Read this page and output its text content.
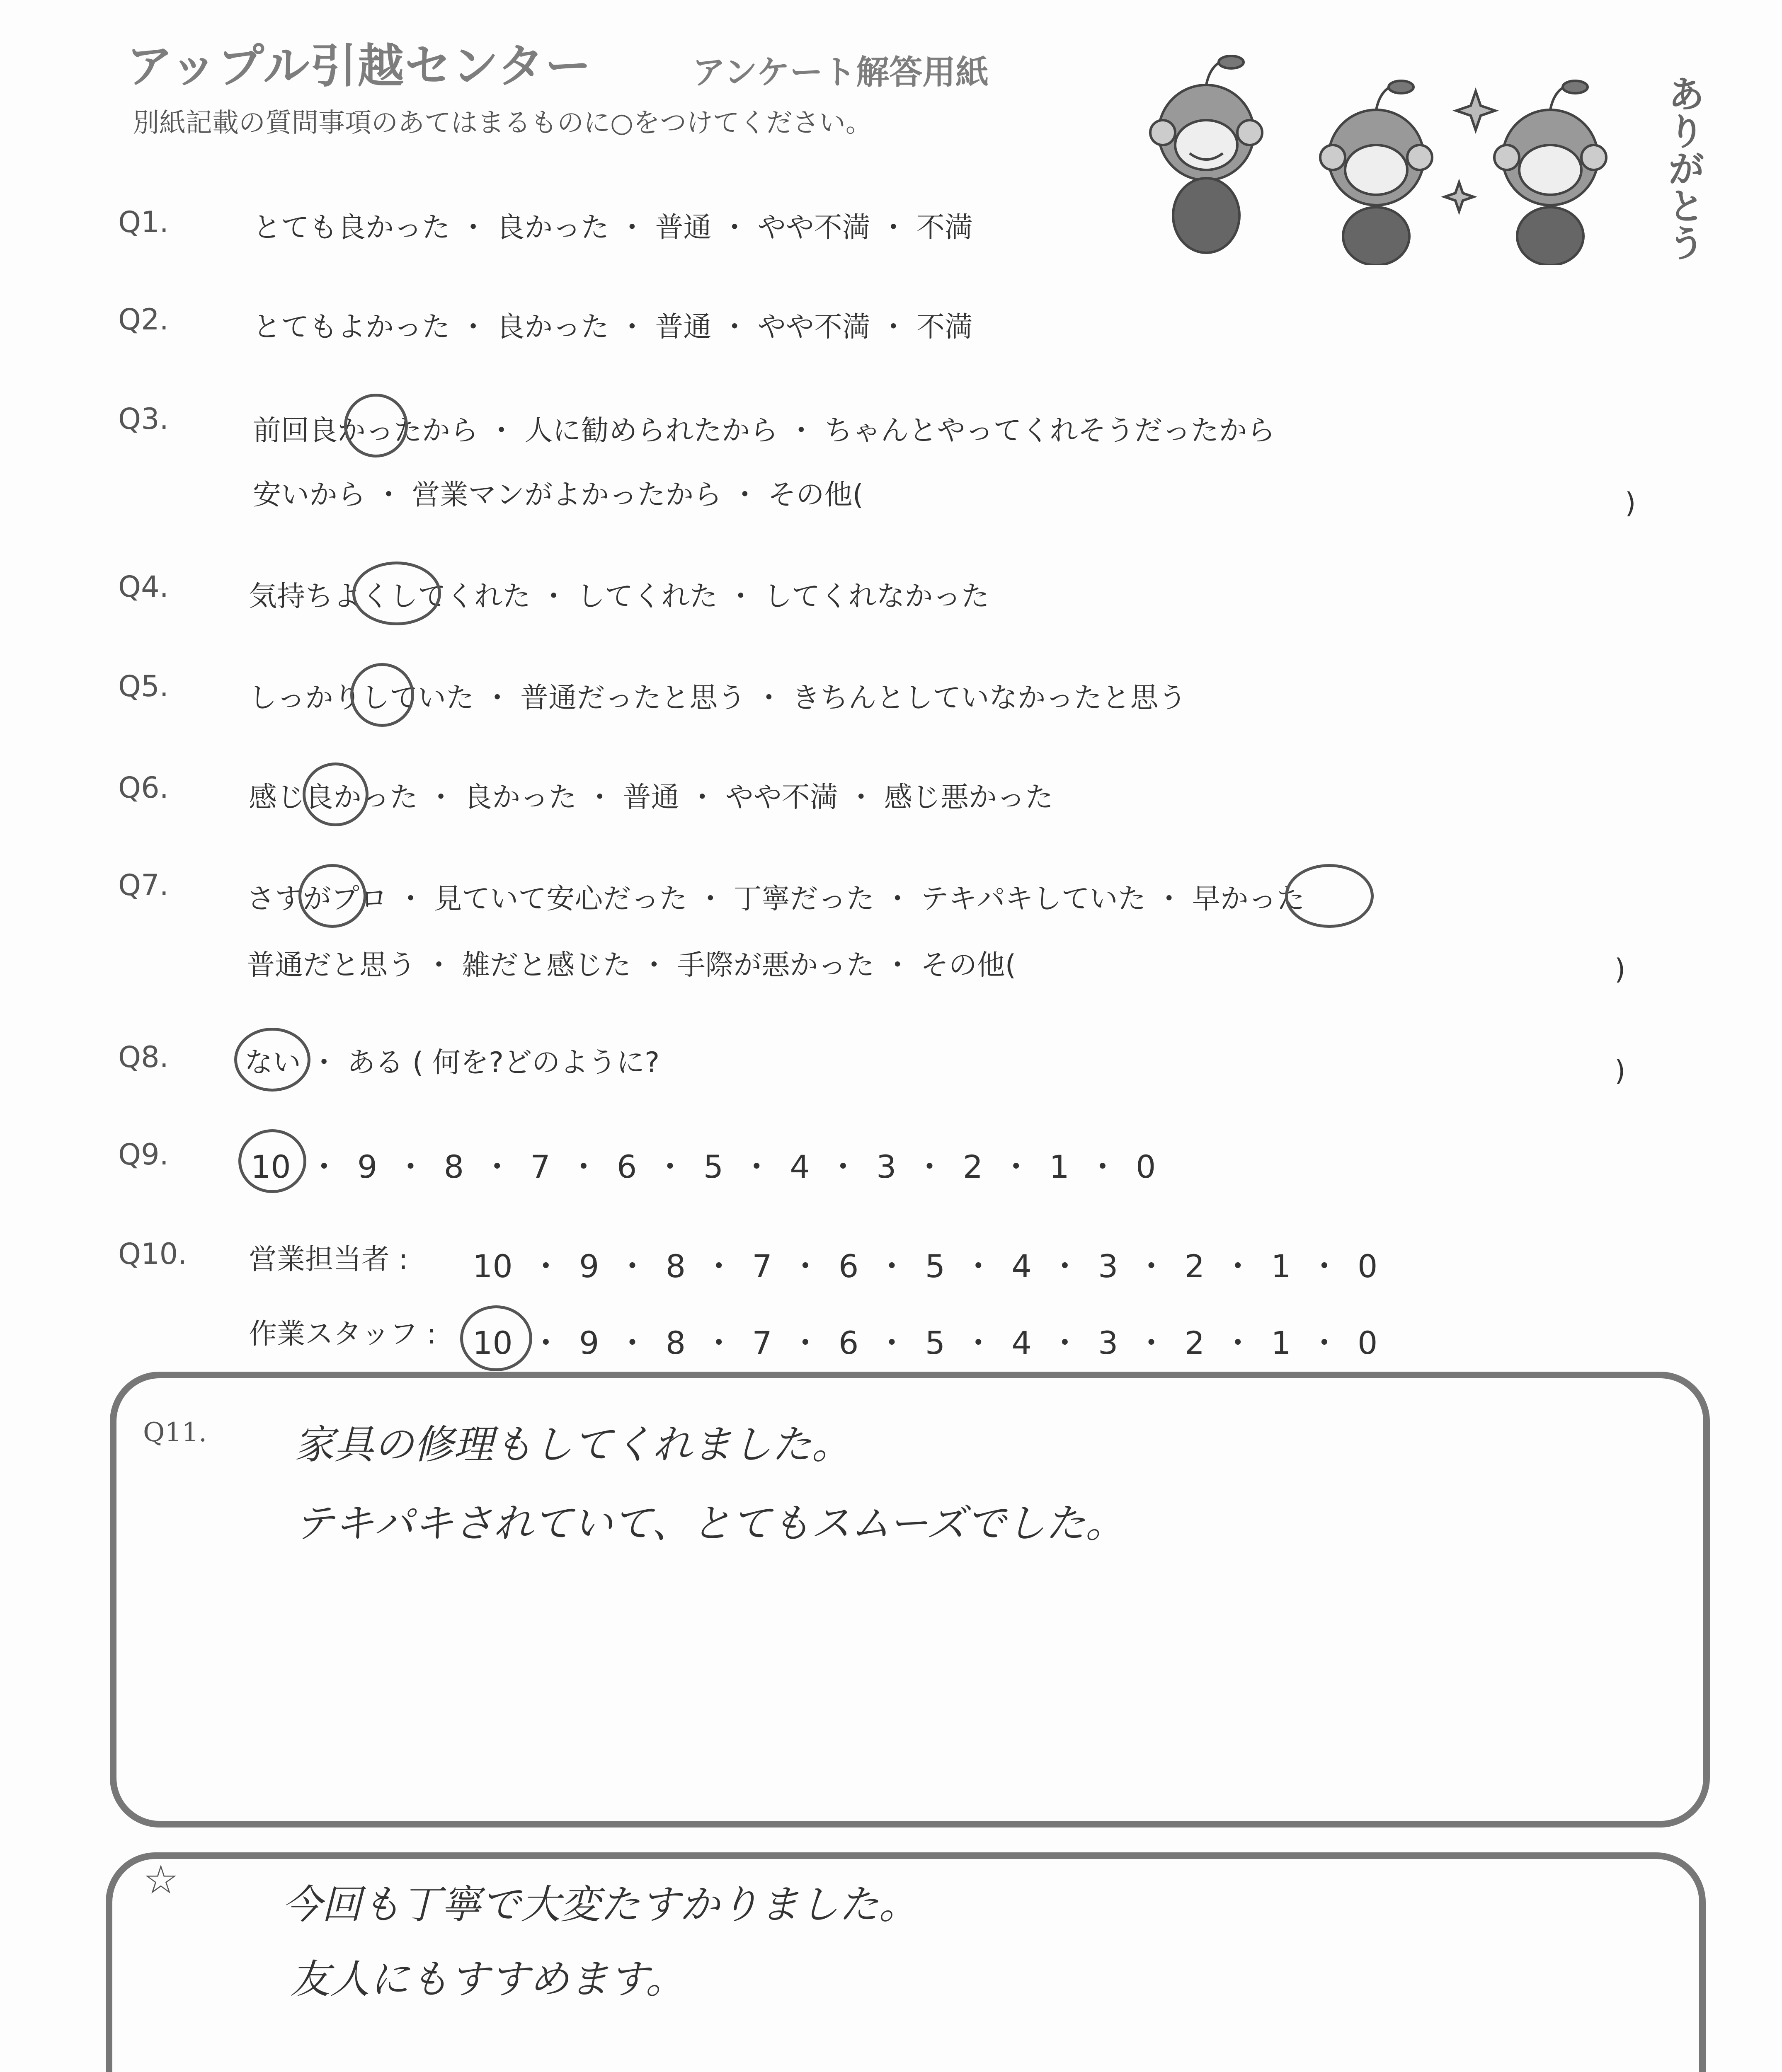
アップル引越センター	アンケート解答用紙
別紙記載の質問事項のあてはまるものに○をつけてください。	ありがとう
Q1.	とても良かった ・ 良かった ・ 普通 ・ やや不満 ・ 不満
Q2.	とてもよかった ・ 良かった ・ 普通 ・ やや不満 ・ 不満
Q3.	前回良かったから ・ 人に勧められたから ・ ちゃんとやってくれそうだったから
安いから ・ 営業マンがよかったから ・ その他(	)
Q4.	気持ちよくしてくれた ・ してくれた ・ してくれなかった
Q5.	しっかりしていた ・ 普通だったと思う ・ きちんとしていなかったと思う
Q6.	感じ良かった ・ 良かった ・ 普通 ・ やや不満 ・ 感じ悪かった
Q7.	さすがプロ ・ 見ていて安心だった ・ 丁寧だった ・ テキパキしていた ・ 早かった
普通だと思う ・ 雑だと感じた ・ 手際が悪かった ・ その他(	)
Q8.	ない ・ ある ( 何を?どのように?	)
Q9.	10 ・ 9 ・ 8 ・ 7 ・ 6 ・ 5 ・ 4 ・ 3 ・ 2 ・ 1 ・ 0
Q10. 営業担当者 : 10 ・ 9 ・ 8 ・ 7 ・ 6 ・ 5 ・ 4 ・ 3 ・ 2 ・ 1 ・ 0
作業スタッフ : 10 ・ 9 ・ 8 ・ 7 ・ 6 ・ 5 ・ 4 ・ 3 ・ 2 ・ 1 ・ 0
Q11. 家具の修理もしてくれました。
テキパキされていて、とてもスムーズでした。
☆
今回も丁寧で大変たすかりました。
友人にもすすめます。
